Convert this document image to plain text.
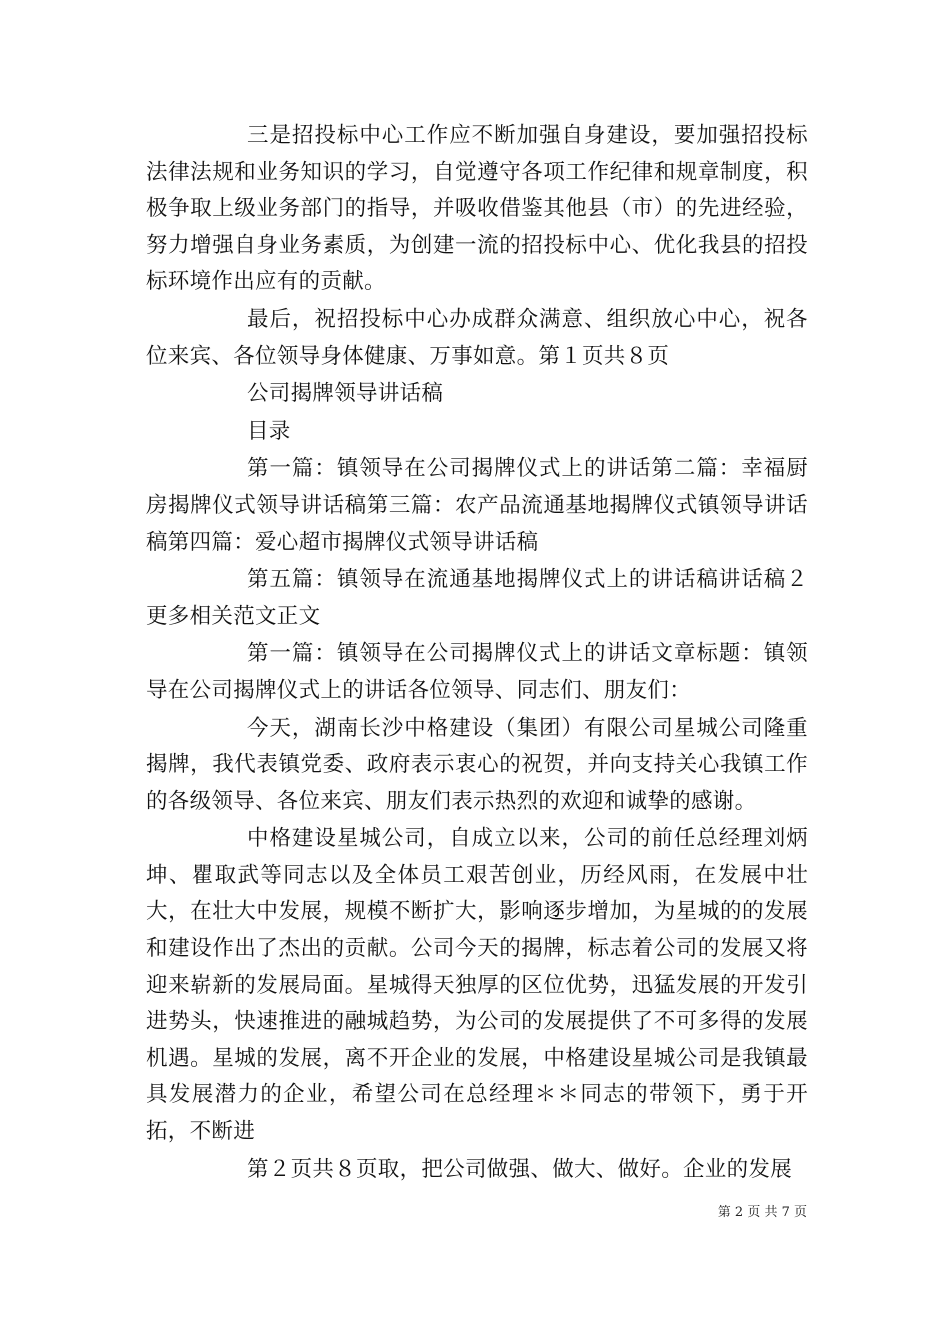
三是招投标中心工作应不断加强自身建设，要加强招投标法律法规和业务知识的学习，自觉遵守各项工作纪律和规章制度，积极争取上级业务部门的指导，并吸收借鉴其他县（市）的先进经验，努力增强自身业务素质，为创建一流的招投标中心、优化我县的招投标环境作出应有的贡献。

最后，祝招投标中心办成群众满意、组织放心中心，祝各位来宾、各位领导身体健康、万事如意。第１页共８页

公司揭牌领导讲话稿

目录

第一篇：镇领导在公司揭牌仪式上的讲话第二篇：幸福厨房揭牌仪式领导讲话稿第三篇：农产品流通基地揭牌仪式镇领导讲话稿第四篇：爱心超市揭牌仪式领导讲话稿

第五篇：镇领导在流通基地揭牌仪式上的讲话稿讲话稿２更多相关范文正文

第一篇：镇领导在公司揭牌仪式上的讲话文章标题：镇领导在公司揭牌仪式上的讲话各位领导、同志们、朋友们：

今天，湖南长沙中格建设（集团）有限公司星城公司隆重揭牌，我代表镇党委、政府表示衷心的祝贺，并向支持关心我镇工作的各级领导、各位来宾、朋友们表示热烈的欢迎和诚挚的感谢。

中格建设星城公司，自成立以来，公司的前任总经理刘炳坤、瞿取武等同志以及全体员工艰苦创业，历经风雨，在发展中壮大，在壮大中发展，规模不断扩大，影响逐步增加，为星城的的发展和建设作出了杰出的贡献。公司今天的揭牌，标志着公司的发展又将迎来崭新的发展局面。星城得天独厚的区位优势，迅猛发展的开发引进势头，快速推进的融城趋势，为公司的发展提供了不可多得的发展机遇。星城的发展，离不开企业的发展，中格建设星城公司是我镇最具发展潜力的企业，希望公司在总经理＊＊同志的带领下，勇于开拓，不断进

第２页共８页取，把公司做强、做大、做好。企业的发展

第 2 页 共 7 页
